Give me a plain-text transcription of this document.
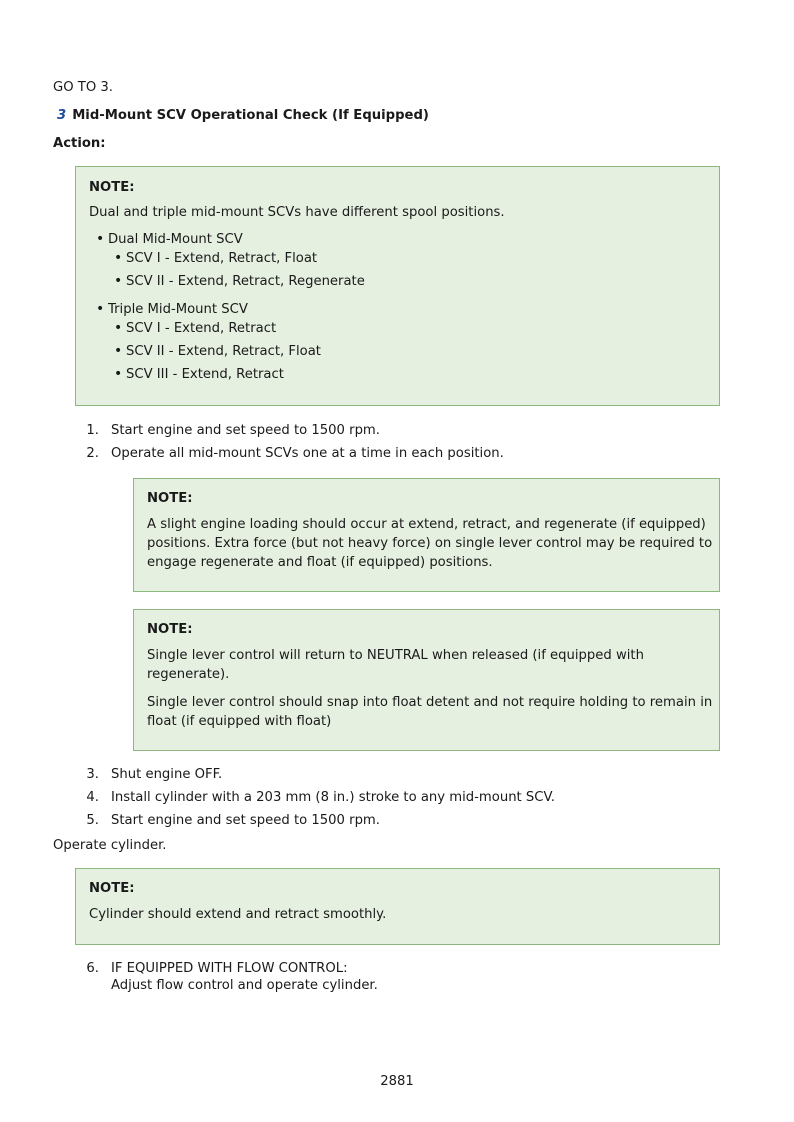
GO TO 3.
3 Mid-Mount SCV Operational Check (If Equipped)
Action:
NOTE:
Dual and triple mid-mount SCVs have different spool positions.
• Dual Mid-Mount SCV
• SCV I - Extend, Retract, Float
• SCV II - Extend, Retract, Regenerate
• Triple Mid-Mount SCV
• SCV I - Extend, Retract
• SCV II - Extend, Retract, Float
• SCV III - Extend, Retract
1. Start engine and set speed to 1500 rpm.
2. Operate all mid-mount SCVs one at a time in each position.
NOTE:
A slight engine loading should occur at extend, retract, and regenerate (if equipped)
positions. Extra force (but not heavy force) on single lever control may be required to
engage regenerate and float (if equipped) positions.
NOTE:
Single lever control will return to NEUTRAL when released (if equipped with
regenerate).
Single lever control should snap into float detent and not require holding to remain in
float (if equipped with float)
3. Shut engine OFF.
4. Install cylinder with a 203 mm (8 in.) stroke to any mid-mount SCV.
5. Start engine and set speed to 1500 rpm.
Operate cylinder.
NOTE:
Cylinder should extend and retract smoothly.
6. IF EQUIPPED WITH FLOW CONTROL:
Adjust flow control and operate cylinder.
2881
